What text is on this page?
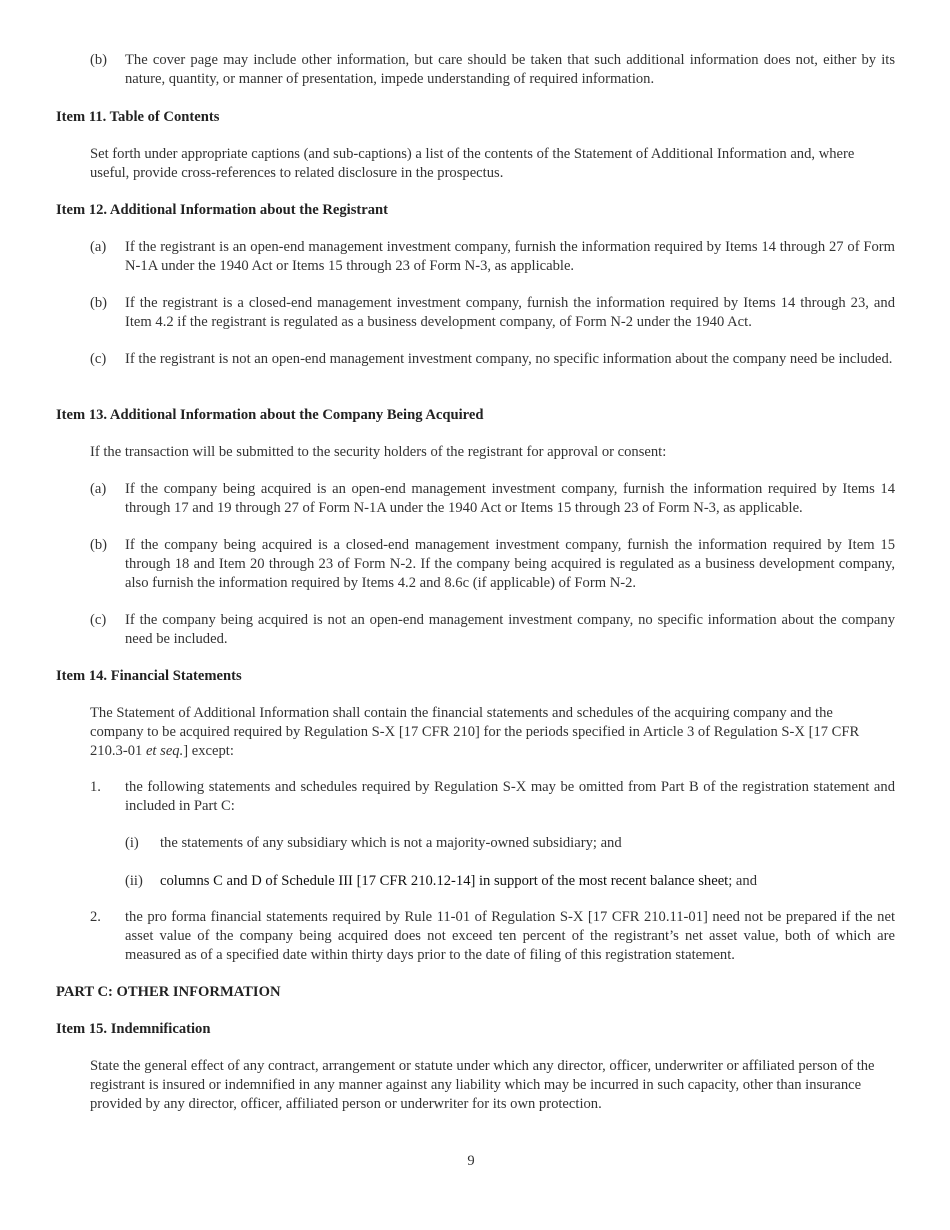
(b) The cover page may include other information, but care should be taken that such additional information does not, either by its nature, quantity, or manner of presentation, impede understanding of required information.

Item 11. Table of Contents

Set forth under appropriate captions (and sub-captions) a list of the contents of the Statement of Additional Information and, where useful, provide cross-references to related disclosure in the prospectus.

Item 12. Additional Information about the Registrant
(a) If the registrant is an open-end management investment company, furnish the information required by Items 14 through 27 of Form N-1A under the 1940 Act or Items 15 through 23 of Form N-3, as applicable.

(b) If the registrant is a closed-end management investment company, furnish the information required by Items 14 through 23, and Item 4.2 if the registrant is regulated as a business development company, of Form N-2 under the 1940 Act.

(c) If the registrant is not an open-end management investment company, no specific information about the company need be included.

Item 13. Additional Information about the Company Being Acquired

If the transaction will be submitted to the security holders of the registrant for approval or consent:

(a) If the company being acquired is an open-end management investment company, furnish the information required by Items 14 through 17 and 19 through 27 of Form N-1A under the 1940 Act or Items 15 through 23 of Form N-3, as applicable.

(b) If the company being acquired is a closed-end management investment company, furnish the information required by Item 15 through 18 and Item 20 through 23 of Form N-2. If the company being acquired is regulated as a business development company, also furnish the information required by Items 4.2 and 8.6c (if applicable) of Form N-2.

(c) If the company being acquired is not an open-end management investment company, no specific information about the company need be included.

Item 14. Financial Statements

The Statement of Additional Information shall contain the financial statements and schedules of the acquiring company and the company to be acquired required by Regulation S-X [17 CFR 210] for the periods specified in Article 3 of Regulation S-X [17 CFR 210.3-01 et seq.] except:

1. the following statements and schedules required by Regulation S-X may be omitted from Part B of the registration statement and included in Part C:

(i) the statements of any subsidiary which is not a majority-owned subsidiary; and

(ii) columns C and D of Schedule III [17 CFR 210.12-14] in support of the most recent balance sheet; and

2. the pro forma financial statements required by Rule 11-01 of Regulation S-X [17 CFR 210.11-01] need not be prepared if the net asset value of the company being acquired does not exceed ten percent of the registrant’s net asset value, both of which are measured as of a specified date within thirty days prior to the date of filing of this registration statement.

PART C: OTHER INFORMATION
Item 15. Indemnification

State the general effect of any contract, arrangement or statute under which any director, officer, underwriter or affiliated person of the registrant is insured or indemnified in any manner against any liability which may be incurred in such capacity, other than insurance provided by any director, officer, affiliated person or underwriter for its own protection.

9
